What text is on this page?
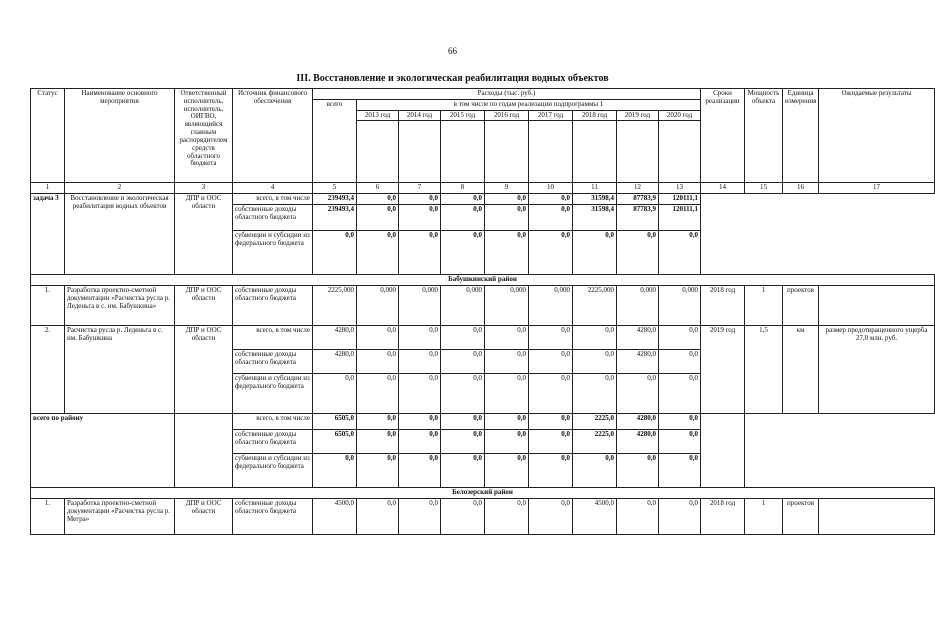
66
III. Восстановление и экологическая реабилитация водных объектов
Статус	Наименование основного мероприятия	Ответственный исполнитель, исполнитель, ОИГВО, являющийся главным распорядителем средств областного бюджета	Источник финансового обеспечения	Расходы (тыс. руб.)									Сроки реализации	Мощность объекта	Единица измерения	Ожидаемые результаты
				всего	в том числе по годам реализации подпрограммы 1											
					2013 год	2014 год	2015 год	2016 год	2017 год	2018 год	2019 год	2020 год				

1	2	3	4	5	6	7	8	9	10	11	12	13	14	15	16	17
задача 3	Восстановление и экологическая реабилитация водных объектов	ДПР и ООС области	всего, в том числе	239493,4	0,0	0,0	0,0	0,0	0,0	31598,4	87783,9	120111,1				
			собственные доходы областного бюджета	239493,4	0,0	0,0	0,0	0,0	0,0	31598,4	87783,9	120111,1				
			субвенции и субсидии из федерального бюджета	0,0	0,0	0,0	0,0	0,0	0,0	0,0	0,0	0,0				
Бабушкинский район																
1.	Разработка проектно-сметной документации «Расчистка русла р. Леденьга в с. им. Бабушкина»	ДПР и ООС области	собственные доходы областного бюджета	2225,000	0,000	0,000	0,000	0,000	0,000	2225,000	0,000	0,000	2018 год	1	проектов	
2.	Расчистка русла р. Леденьга в с. им. Бабушкина	ДПР и ООС области	всего, в том числе	4280,0	0,0	0,0	0,0	0,0	0,0	0,0	4280,0	0,0	2019 год	1,5	км	размер предотвращенного ущерба 27,0 млн. руб.
			собственные доходы областного бюджета	4280,0	0,0	0,0	0,0	0,0	0,0	0,0	4280,0	0,0				
			субвенции и субсидии из федерального бюджета	0,0	0,0	0,0	0,0	0,0	0,0	0,0	0,0	0,0				
всего по району			всего, в том числе	6505,0	0,0	0,0	0,0	0,0	0,0	2225,0	4280,0	0,0				
			собственные доходы областного бюджета	6505,0	0,0	0,0	0,0	0,0	0,0	2225,0	4280,0	0,0				
			субвенции и субсидии из федерального бюджета	0,0	0,0	0,0	0,0	0,0	0,0	0,0	0,0	0,0				
Белозерский район																
1.	Разработка проектно-сметной документации «Расчистка русла р. Мегра»	ДПР и ООС области	собственные доходы областного бюджета	4500,0	0,0	0,0	0,0	0,0	0,0	4500,0	0,0	0,0	2018 год	1	проектов	
